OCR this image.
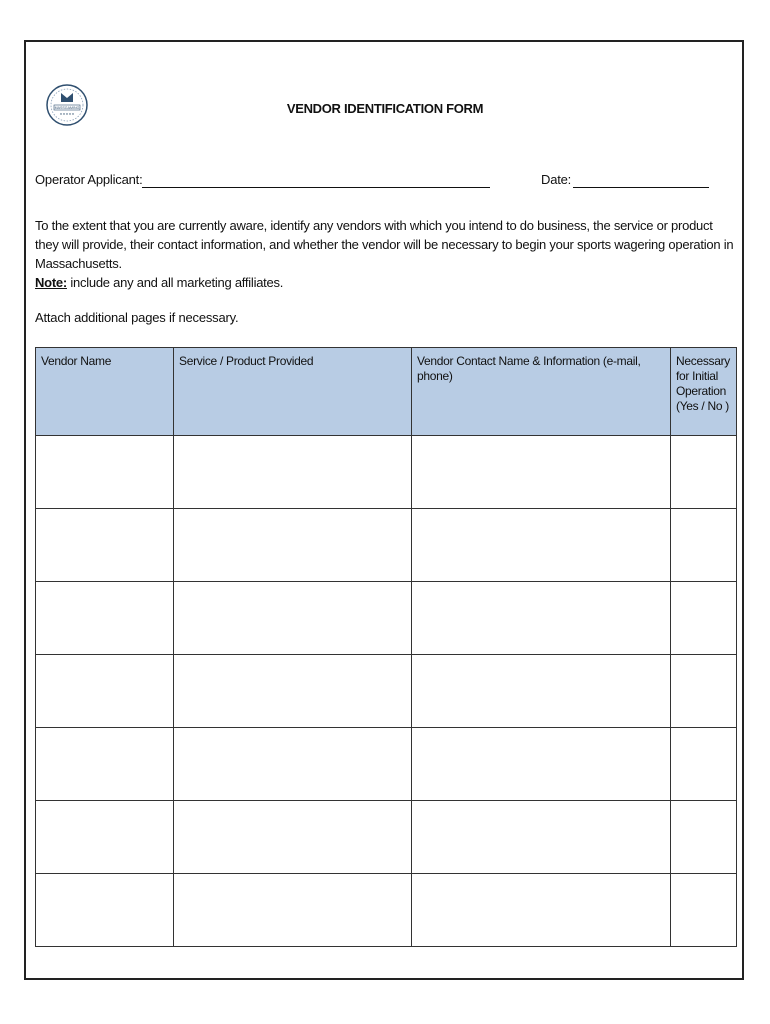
MASSGAMING	VENDOR IDENTIFICATION FORM
Operator Applicant:	Date:
To the extent that you are currently aware, identify any vendors with which you intend to do business, the service or product they will provide, their contact information, and whether the vendor will be necessary to begin your sports wagering operation in Massachusetts.
Note: include any and all marketing affiliates.
Attach additional pages if necessary.
Vendor Name	Service / Product Provided	Vendor Contact Name & Information (e-mail, phone)	Necessary for Initial Operation (Yes / No )
